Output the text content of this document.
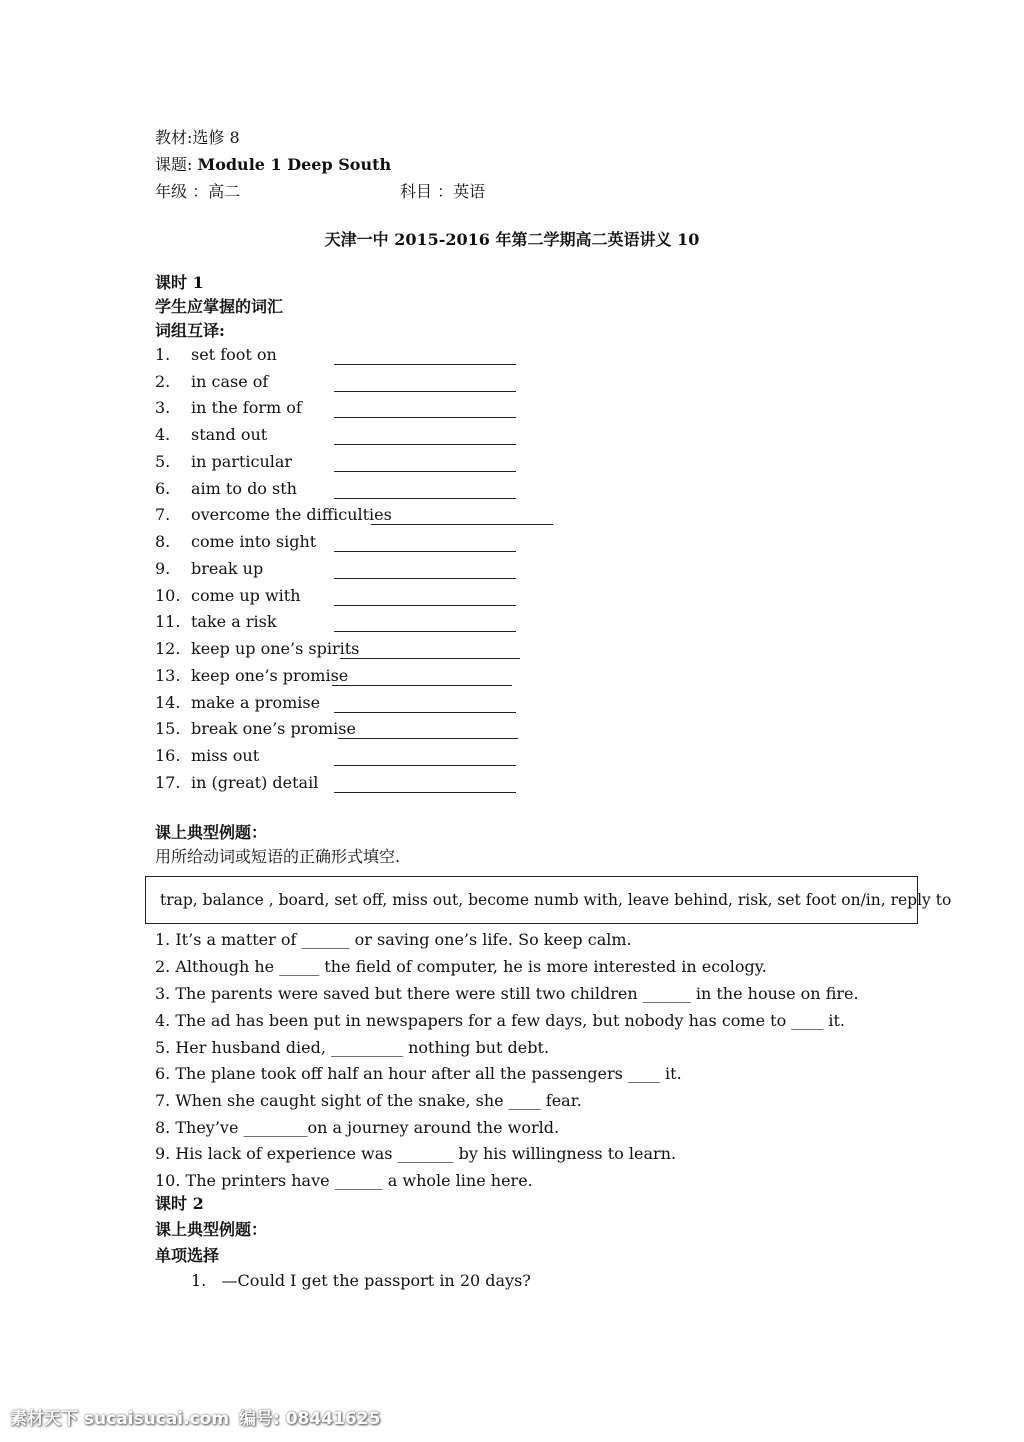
教材:选修 8
课题: Module 1 Deep South
年级 ：高二	科目 ：英语
天津一中 2015-2016 年第二学期高二英语讲义 10
课时 1
学生应掌握的词汇
词组互译:
1. set foot on
2. in case of
3. in the form of
4. stand out
5. in particular
6. aim to do sth
7. overcome the difficulties
8. come into sight
9. break up
10. come up with
11. take a risk
12. keep up one’s spirits
13. keep one’s promise
14. make a promise
15. break one’s promise
16. miss out
17. in (great) detail
课上典型例题：
用所给动词或短语的正确形式填空.
trap, balance , board, set off, miss out, become numb with, leave behind, risk, set foot on/in, reply to
1. It’s a matter of ______ or saving one’s life. So keep calm.
2. Although he _____ the field of computer, he is more interested in ecology.
3. The parents were saved but there were still two children ______ in the house on fire.
4. The ad has been put in newspapers for a few days, but nobody has come to ____ it.
5. Her husband died, _________ nothing but debt.
6. The plane took off half an hour after all the passengers ____ it.
7. When she caught sight of the snake, she ____ fear.
8. They’ve ________on a journey around the world.
9. His lack of experience was _______ by his willingness to learn.
10. The printers have ______ a whole line here.
课时 2
课上典型例题：
单项选择
1.   —Could I get the passport in 20 days?
素材天下 sucaisucai.com 编号: 08441625
